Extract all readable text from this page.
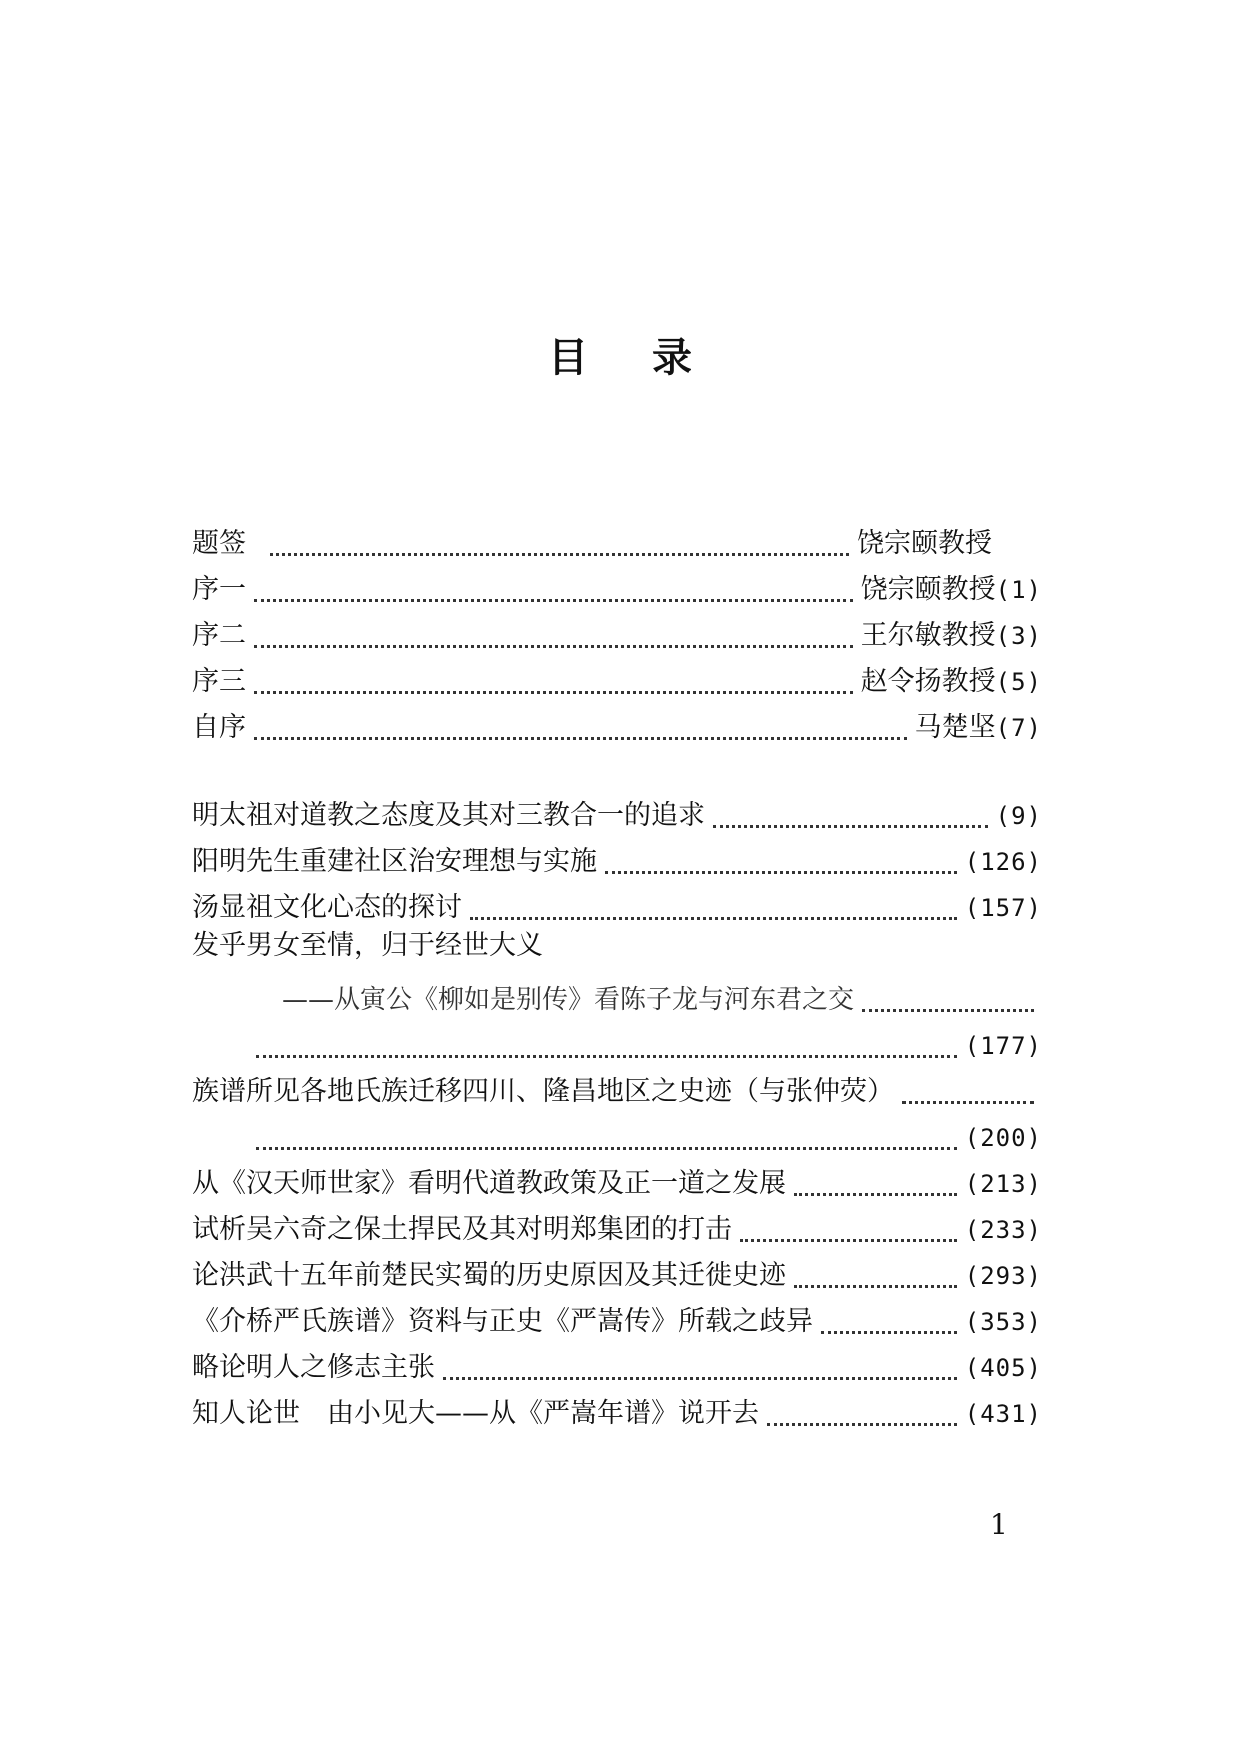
目录
题签	饶宗颐教授
序一	饶宗颐教授 (1)
序二	王尔敏教授 (3)
序三	赵令扬教授 (5)
自序	马楚坚 (7)
明太祖对道教之态度及其对三教合一的追求	(9)
阳明先生重建社区治安理想与实施	(126)
汤显祖文化心态的探讨	(157)
发乎男女至情，归于经世大义
——从寅公《柳如是别传》看陈子龙与河东君之交
(177)
族谱所见各地氏族迁移四川、隆昌地区之史迹（与张仲荧）
(200)
从《汉天师世家》看明代道教政策及正一道之发展	(213)
试析吴六奇之保土捍民及其对明郑集团的打击	(233)
论洪武十五年前楚民实蜀的历史原因及其迁徙史迹	(293)
《介桥严氏族谱》资料与正史《严嵩传》所载之歧异	(353)
略论明人之修志主张	(405)
知人论世　由小见大——从《严嵩年谱》说开去	(431)
1
